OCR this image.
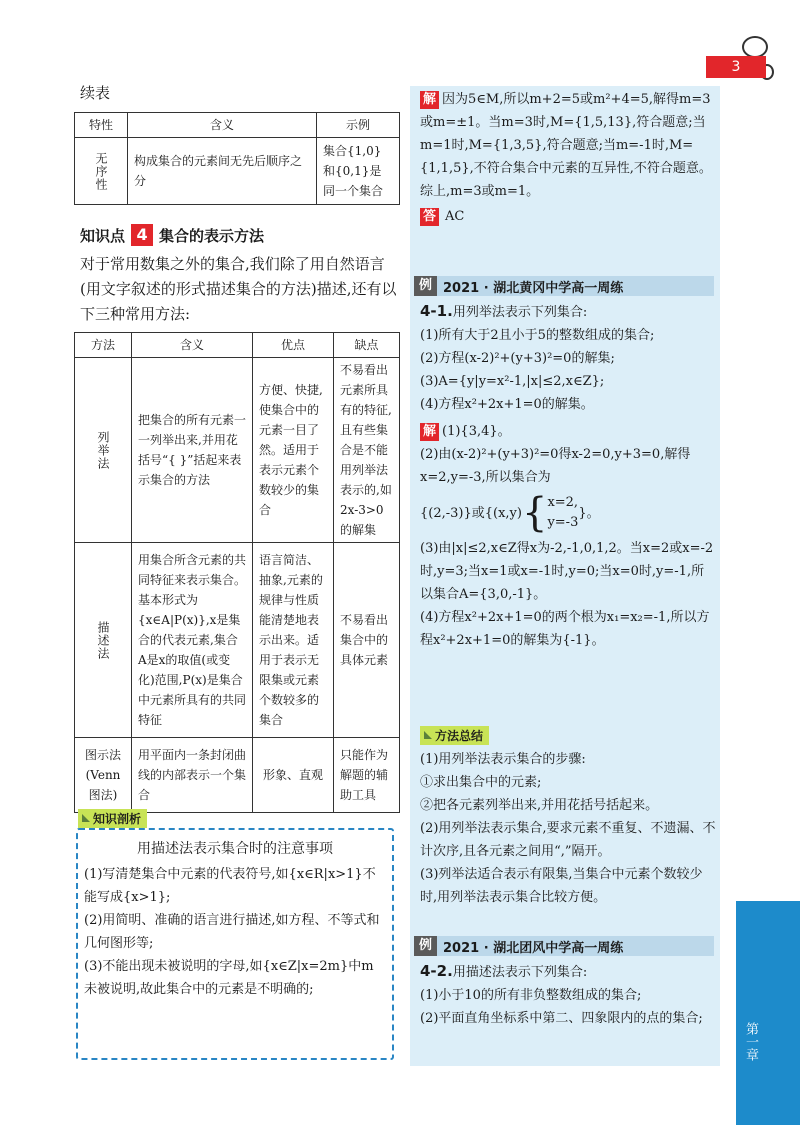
第一章
3
续表
特性	含义	示例

无序性	构成集合的元素间无先后顺序之分	集合{1,0}和{0,1}是同一个集合
知识点 4 集合的表示方法
对于常用数集之外的集合,我们除了用自然语言(用文字叙述的形式描述集合的方法)描述,还有以下三种常用方法:
方法	含义	优点	缺点

列举法	把集合的所有元素一一列举出来,并用花括号“{ }”括起来表示集合的方法	方便、快捷,使集合中的元素一目了然。适用于表示元素个数较少的集合	不易看出元素所具有的特征,且有些集合是不能用列举法表示的,如2x-3>0的解集

描述法	用集合所含元素的共同特征来表示集合。基本形式为{x∈A|P(x)},x是集合的代表元素,集合A是x的取值(或变化)范围,P(x)是集合中元素所具有的共同特征	语言简洁、抽象,元素的规律与性质能清楚地表示出来。适用于表示无限集或元素个数较多的集合	不易看出集合中的具体元素
图示法(Venn图法)	用平面内一条封闭曲线的内部表示一个集合	形象、直观	只能作为解题的辅助工具
知识剖析
用描述法表示集合时的注意事项
(1)写清楚集合中元素的代表符号,如{x∈R|x>1}不能写成{x>1};
(2)用简明、准确的语言进行描述,如方程、不等式和几何图形等;
(3)不能出现未被说明的字母,如{x∈Z|x=2m}中m未被说明,故此集合中的元素是不明确的;
解 因为5∈M,所以m+2=5或m²+4=5,解得m=3或m=±1。当m=3时,M={1,5,13},符合题意;当m=1时,M={1,3,5},符合题意;当m=-1时,M={1,1,5},不符合集合中元素的互异性,不符合题意。综上,m=3或m=1。
答 AC
例 2021 · 湖北黄冈中学高一周练
4-1.用列举法表示下列集合:
(1)所有大于2且小于5的整数组成的集合;
(2)方程(x-2)²+(y+3)²=0的解集;
(3)A={y|y=x²-1,|x|≤2,x∈Z};
(4)方程x²+2x+1=0的解集。
解 (1){3,4}。
(2)由(x-2)²+(y+3)²=0得x-2=0,y+3=0,解得x=2,y=-3,所以集合为
{(2,-3)}或{(x,y) { x=2,
y=-3
}。
(3)由|x|≤2,x∈Z得x为-2,-1,0,1,2。当x=2或x=-2时,y=3;当x=1或x=-1时,y=0;当x=0时,y=-1,所以集合A={3,0,-1}。
(4)方程x²+2x+1=0的两个根为x₁=x₂=-1,所以方程x²+2x+1=0的解集为{-1}。
方法总结
(1)用列举法表示集合的步骤:
①求出集合中的元素;
②把各元素列举出来,并用花括号括起来。
(2)用列举法表示集合,要求元素不重复、不遗漏、不计次序,且各元素之间用“,”隔开。
(3)列举法适合表示有限集,当集合中元素个数较少时,用列举法表示集合比较方便。
例 2021 · 湖北团风中学高一周练
4-2.用描述法表示下列集合:
(1)小于10的所有非负整数组成的集合;
(2)平面直角坐标系中第二、四象限内的点的集合;
